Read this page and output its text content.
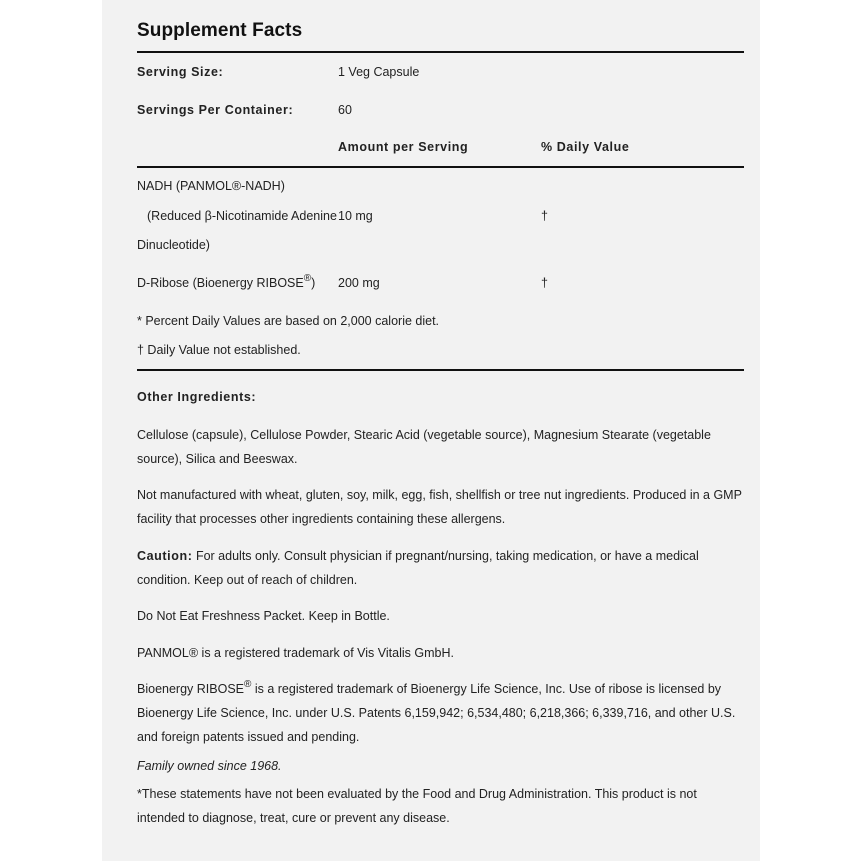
Supplement Facts
Serving Size:	1 Veg Capsule
Servings Per Container:	60
Amount per Serving	% Daily Value
NADH (PANMOL®-NADH)
(Reduced β-Nicotinamide Adenine
Dinucleotide)
10 mg	†
D-Ribose (Bioenergy RIBOSE®) 200 mg	†
* Percent Daily Values are based on 2,000 calorie diet.
† Daily Value not established.
Other Ingredients:
Cellulose (capsule), Cellulose Powder, Stearic Acid (vegetable source), Magnesium Stearate (vegetable source), Silica and Beeswax.
Not manufactured with wheat, gluten, soy, milk, egg, fish, shellfish or tree nut ingredients. Produced in a GMP facility that processes other ingredients containing these allergens.
Caution: For adults only. Consult physician if pregnant/nursing, taking medication, or have a medical condition. Keep out of reach of children.
Do Not Eat Freshness Packet. Keep in Bottle.
PANMOL® is a registered trademark of Vis Vitalis GmbH.
Bioenergy RIBOSE® is a registered trademark of Bioenergy Life Science, Inc. Use of ribose is licensed by Bioenergy Life Science, Inc. under U.S. Patents 6,159,942; 6,534,480; 6,218,366; 6,339,716, and other U.S. and foreign patents issued and pending.
Family owned since 1968.
*These statements have not been evaluated by the Food and Drug Administration. This product is not intended to diagnose, treat, cure or prevent any disease.
